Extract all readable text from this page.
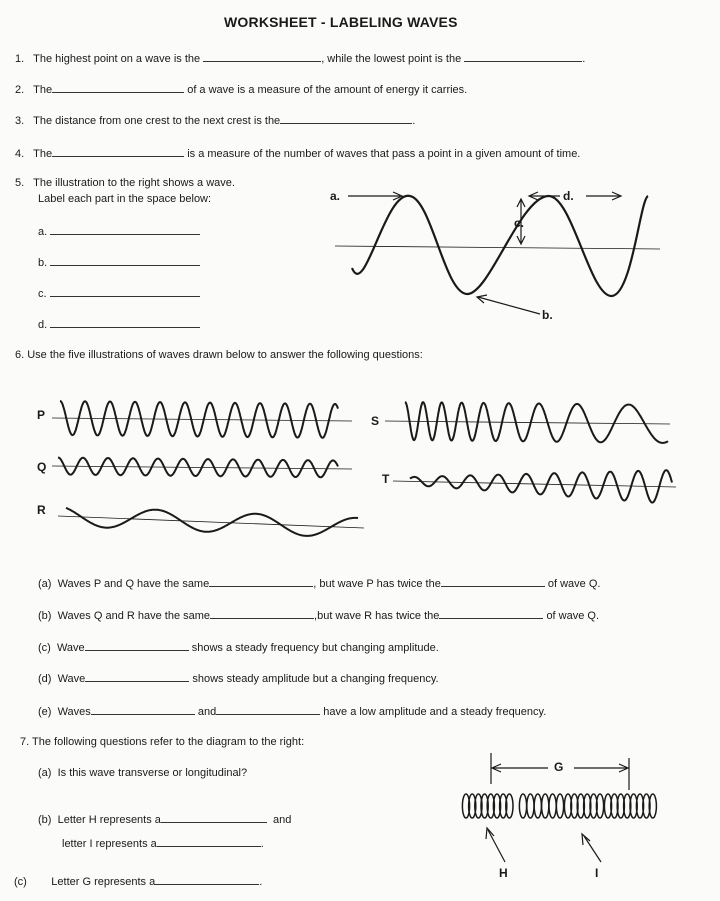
WORKSHEET - LABELING WAVES
1. The highest point on a wave is the	, while the lowest point is the	.
2. The	of a wave is a measure of the amount of energy it carries.
3. The distance from one crest to the next crest is the	.
4. The	is a measure of the number of waves that pass a point in a given amount of time.
5. The illustration to the right shows a wave.
Label each part in the space below:
a.
b.
c.
d.
a.	d.
c.
b.
6. Use the five illustrations of waves drawn below to answer the following questions:
P
Q
R
S
T
(a) Waves P and Q have the same	, but wave P has twice the	of wave Q.
(b) Waves Q and R have the same	,but wave R has twice the	of wave Q.
(c) Wave	shows a steady frequency but changing amplitude.
(d) Wave	shows steady amplitude but a changing frequency.
(e) Waves	and	have a low amplitude and a steady frequency.
7. The following questions refer to the diagram to the right:
(a) Is this wave transverse or longitudinal?
(b) Letter H represents a	and
letter I represents a	.
(c) Letter G represents a	.
G
H	I
